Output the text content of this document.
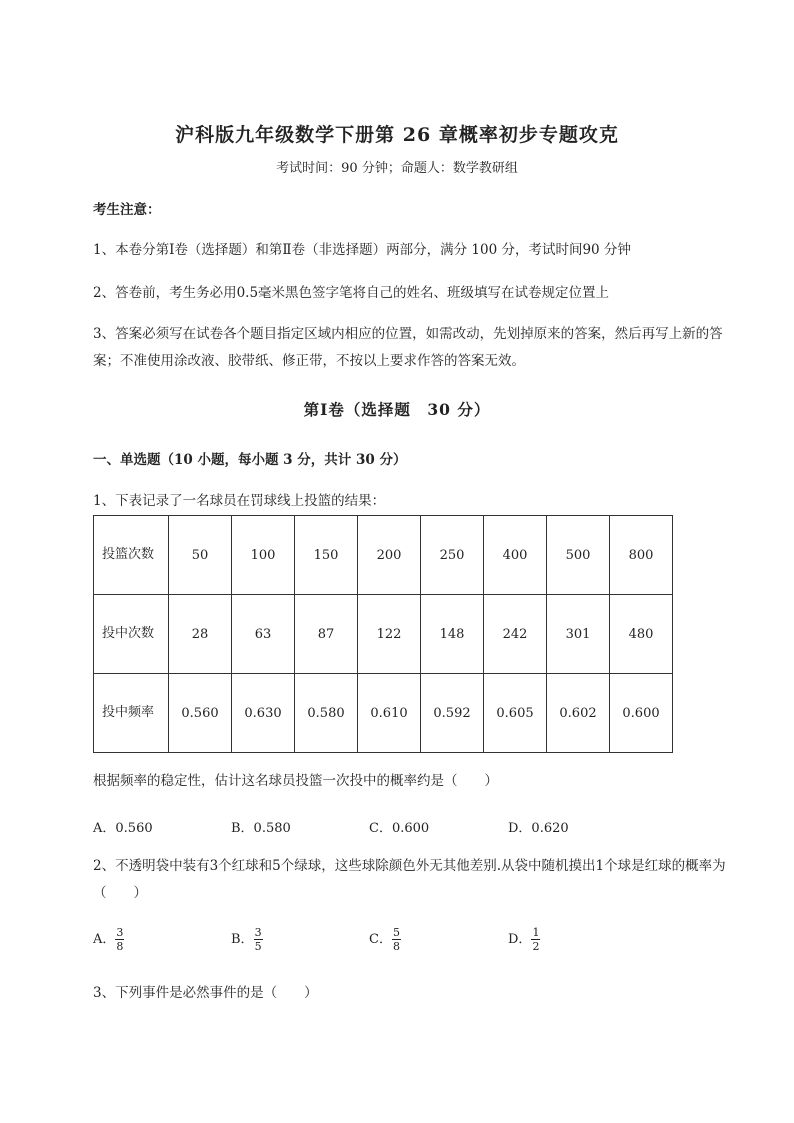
沪科版九年级数学下册第 26 章概率初步专题攻克
考试时间：90 分钟；命题人：数学教研组
考生注意：
1、本卷分第Ⅰ卷（选择题）和第Ⅱ卷（非选择题）两部分，满分 100 分，考试时间90 分钟
2、答卷前，考生务必用0.5毫米黑色签字笔将自己的姓名、班级填写在试卷规定位置上
3、答案必须写在试卷各个题目指定区域内相应的位置，如需改动，先划掉原来的答案，然后再写上新的答案；不准使用涂改液、胶带纸、修正带，不按以上要求作答的答案无效。
第Ⅰ卷（选择题　30 分）
一、单选题（10 小题，每小题 3 分，共计 30 分）
1、下表记录了一名球员在罚球线上投篮的结果：
投篮次数	50	100	150	200	250	400	500	800
投中次数	28	63	87	122	148	242	301	480
投中频率	0.560	0.630	0.580	0.610	0.592	0.605	0.602	0.600
根据频率的稳定性，估计这名球员投篮一次投中的概率约是（　　）
A．0.560	B．0.580	C．0.600	D．0.620
2、不透明袋中装有3个红球和5个绿球，这些球除颜色外无其他差别.从袋中随机摸出1个球是红球的概率为（　　）
A． $\frac{3}{8}$	B． $\frac{3}{5}$	C． $\frac{5}{8}$	D． $\frac{1}{2}$
3、下列事件是必然事件的是（　　）
